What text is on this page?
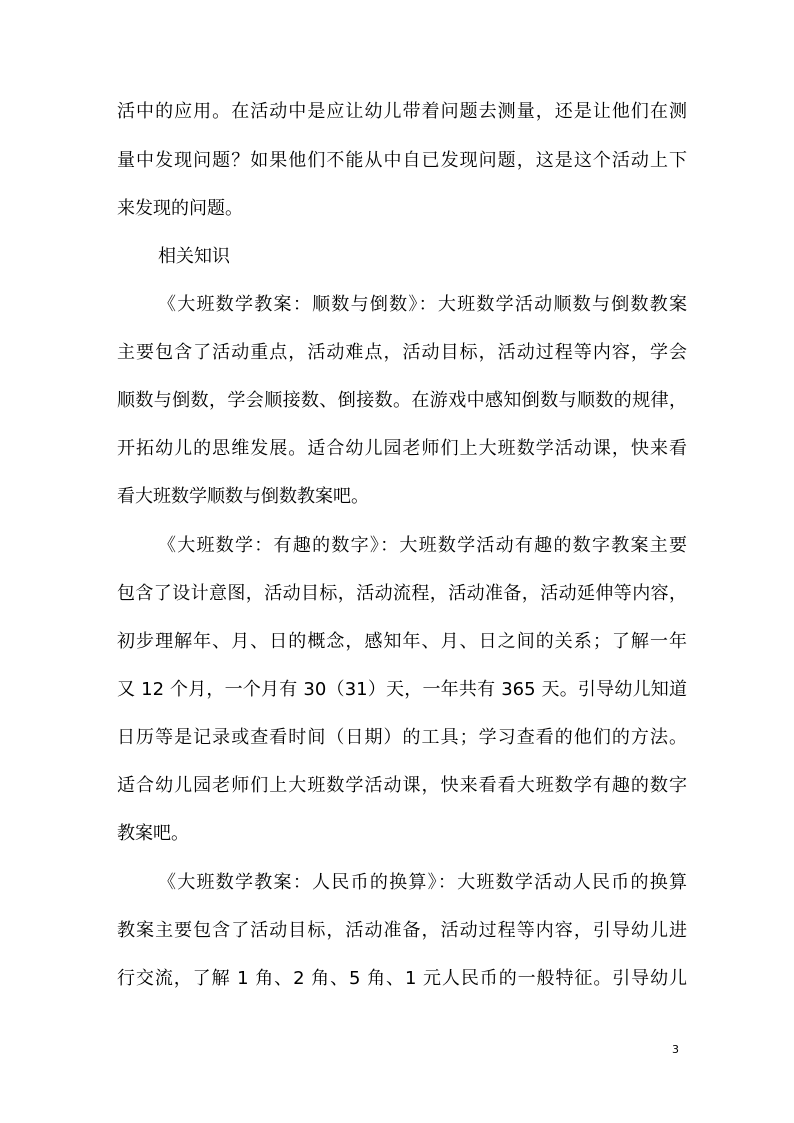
活中的应用。在活动中是应让幼儿带着问题去测量，还是让他们在测
量中发现问题？如果他们不能从中自已发现问题，这是这个活动上下
来发现的问题。
相关知识
《大班数学教案：顺数与倒数》：大班数学活动顺数与倒数教案
主要包含了活动重点，活动难点，活动目标，活动过程等内容，学会
顺数与倒数，学会顺接数、倒接数。在游戏中感知倒数与顺数的规律，
开拓幼儿的思维发展。适合幼儿园老师们上大班数学活动课，快来看
看大班数学顺数与倒数教案吧。
《大班数学：有趣的数字》：大班数学活动有趣的数字教案主要
包含了设计意图，活动目标，活动流程，活动准备，活动延伸等内容，
初步理解年、月、日的概念，感知年、月、日之间的关系；了解一年
又 12 个月，一个月有 30（31）天，一年共有 365 天。引导幼儿知道
日历等是记录或查看时间（日期）的工具；学习查看的他们的方法。
适合幼儿园老师们上大班数学活动课，快来看看大班数学有趣的数字
教案吧。
《大班数学教案：人民币的换算》：大班数学活动人民币的换算
教案主要包含了活动目标，活动准备，活动过程等内容，引导幼儿进
行交流，了解 1 角、2 角、5 角、1 元人民币的一般特征。引导幼儿
3
